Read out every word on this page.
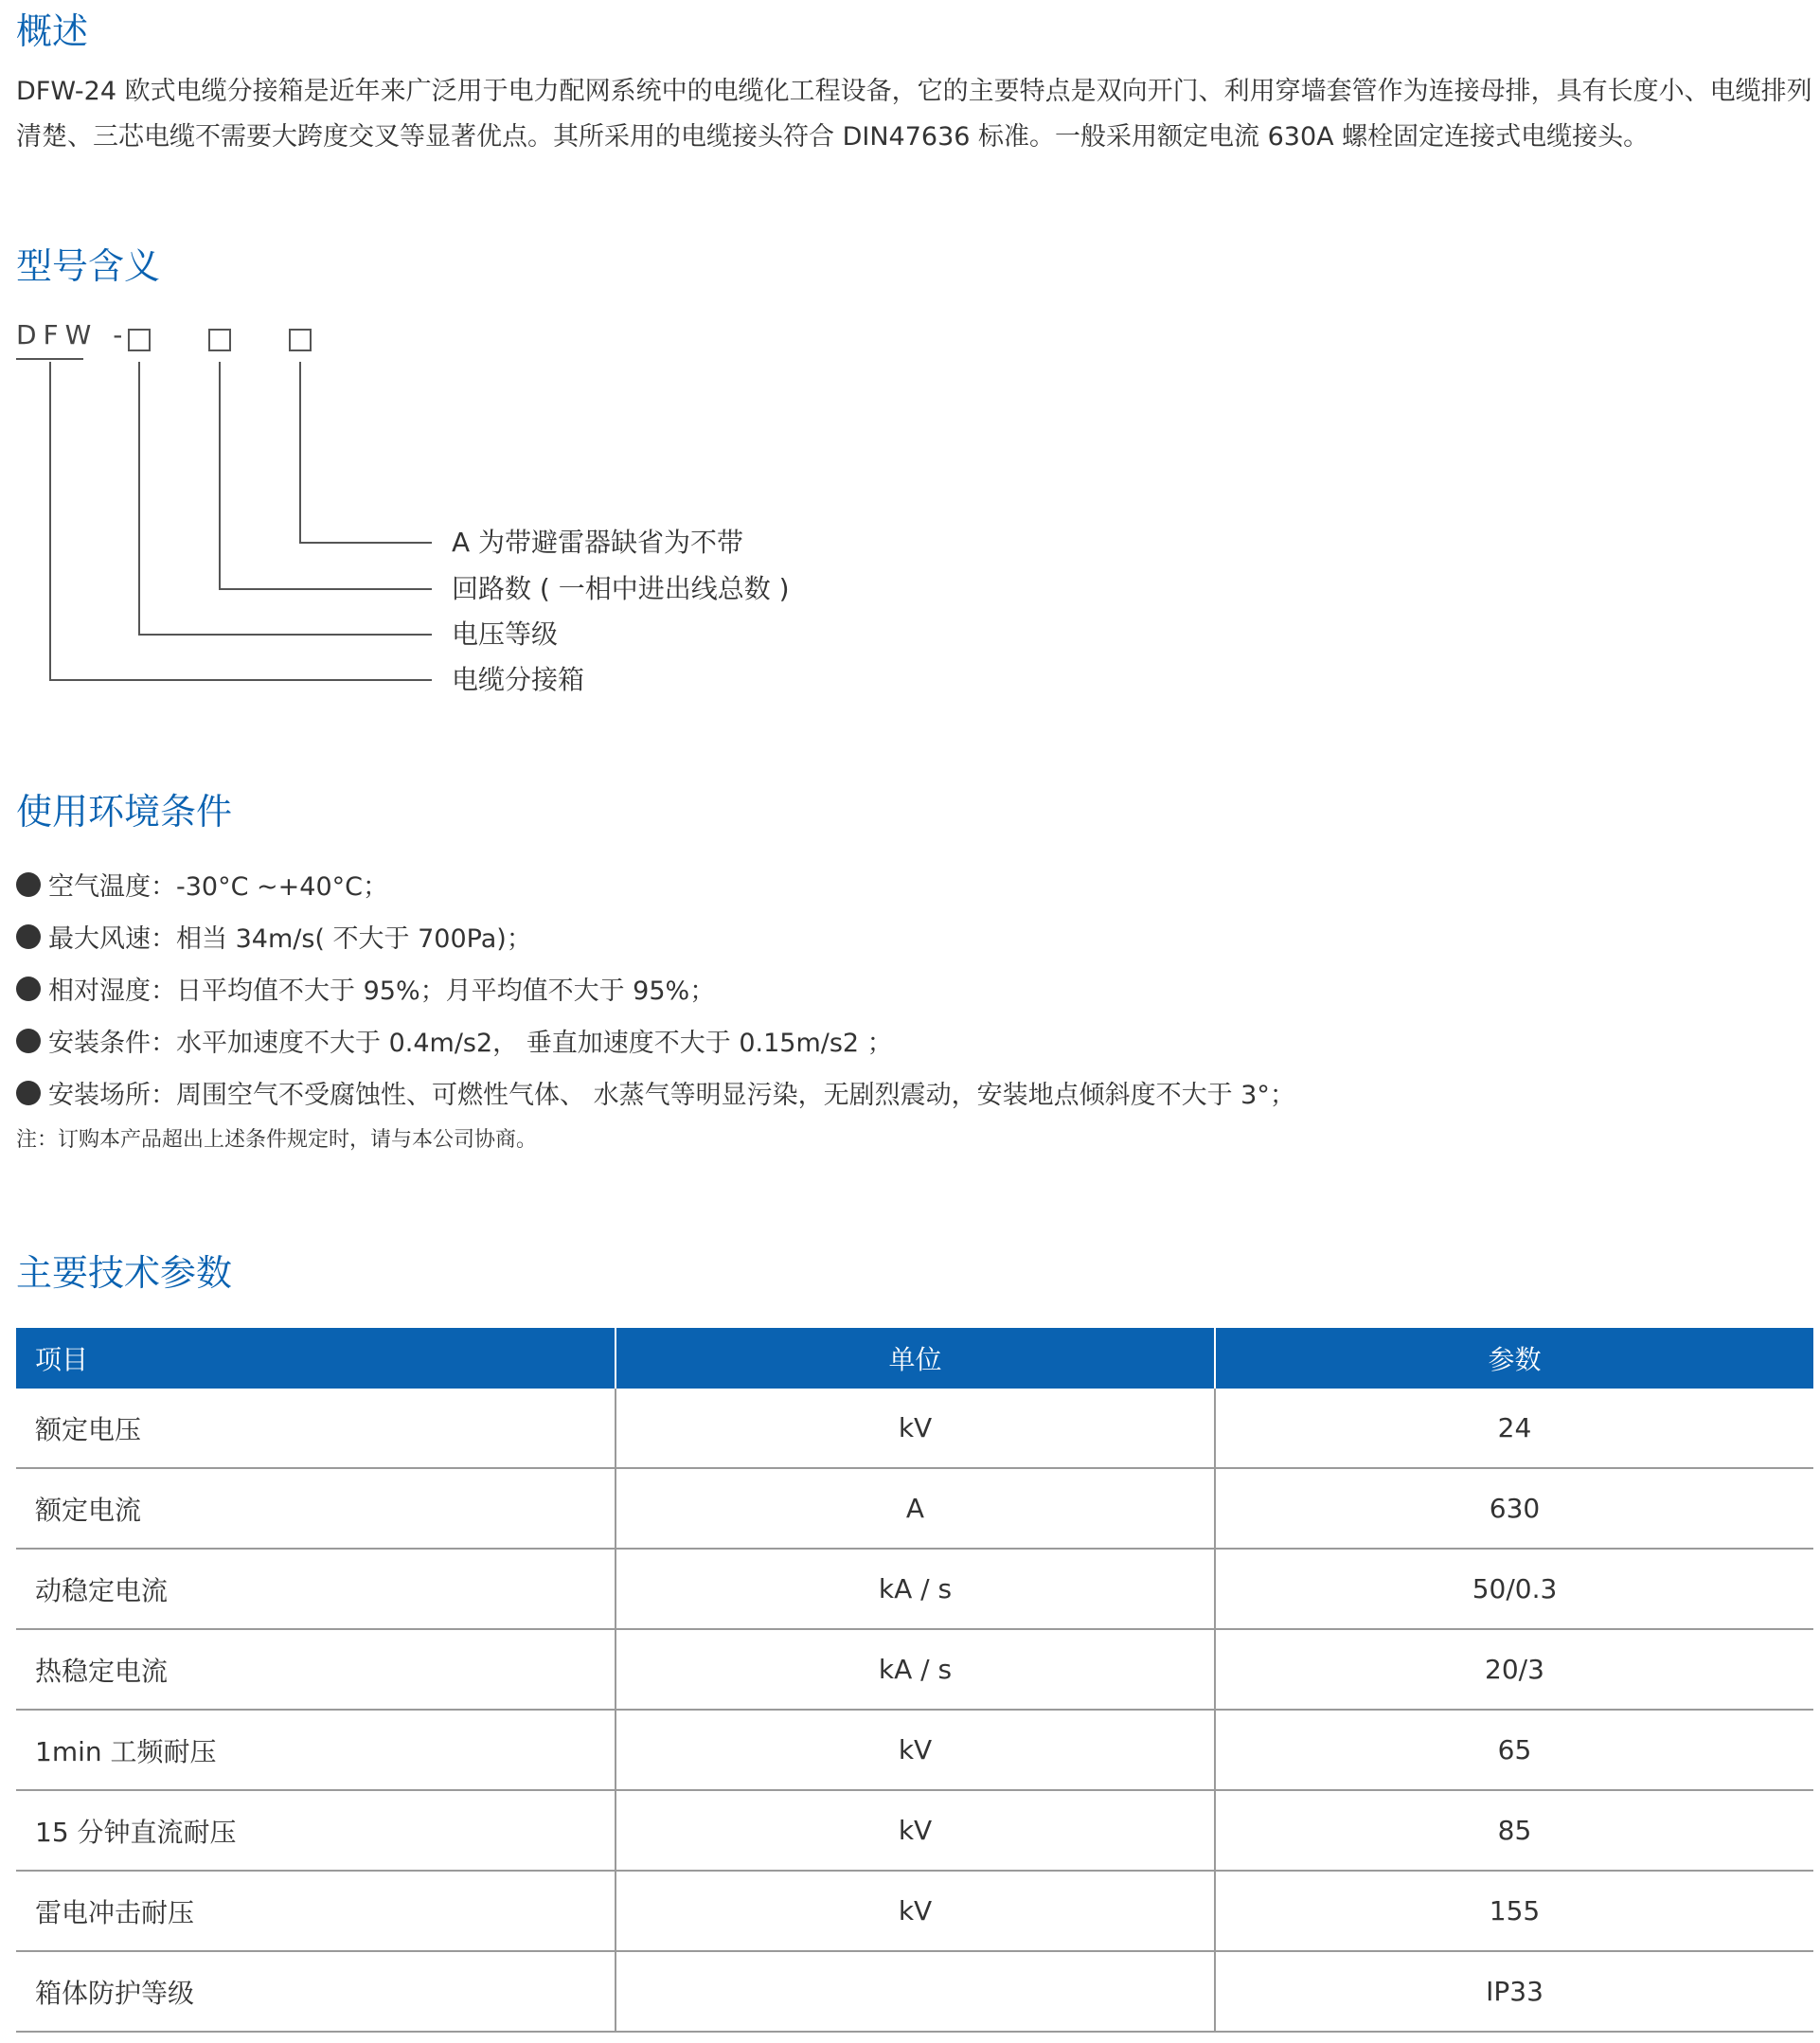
概述

DFW-24 欧式电缆分接箱是近年来广泛用于电力配网系统中的电缆化工程设备，它的主要特点是双向开门、利用穿墙套管作为连接母排，具有长度小、电缆排列清楚、三芯电缆不需要大跨度交叉等显著优点。其所采用的电缆接头符合 DIN47636 标准。一般采用额定电流 630A 螺栓固定连接式电缆接头。

型号含义
DFW -
A 为带避雷器缺省为不带
回路数 ( 一相中进出线总数 )
电压等级
电缆分接箱
使用环境条件
空气温度：-30°C ~+40°C；
最大风速：相当 34m/s( 不大于 700Pa)；
相对湿度：日平均值不大于 95%；月平均值不大于 95%；
安装条件：水平加速度不大于 0.4m/s2， 垂直加速度不大于 0.15m/s2 ；
安装场所：周围空气不受腐蚀性、可燃性气体、 水蒸气等明显污染，无剧烈震动，安装地点倾斜度不大于 3°；
注：订购本产品超出上述条件规定时，请与本公司协商。
主要技术参数
项目	单位	参数
额定电压	kV	24
额定电流	A	630
动稳定电流	kA / s	50/0.3
热稳定电流	kA / s	20/3
1min 工频耐压	kV	65
15 分钟直流耐压	kV	85
雷电冲击耐压	kV	155
箱体防护等级		IP33
